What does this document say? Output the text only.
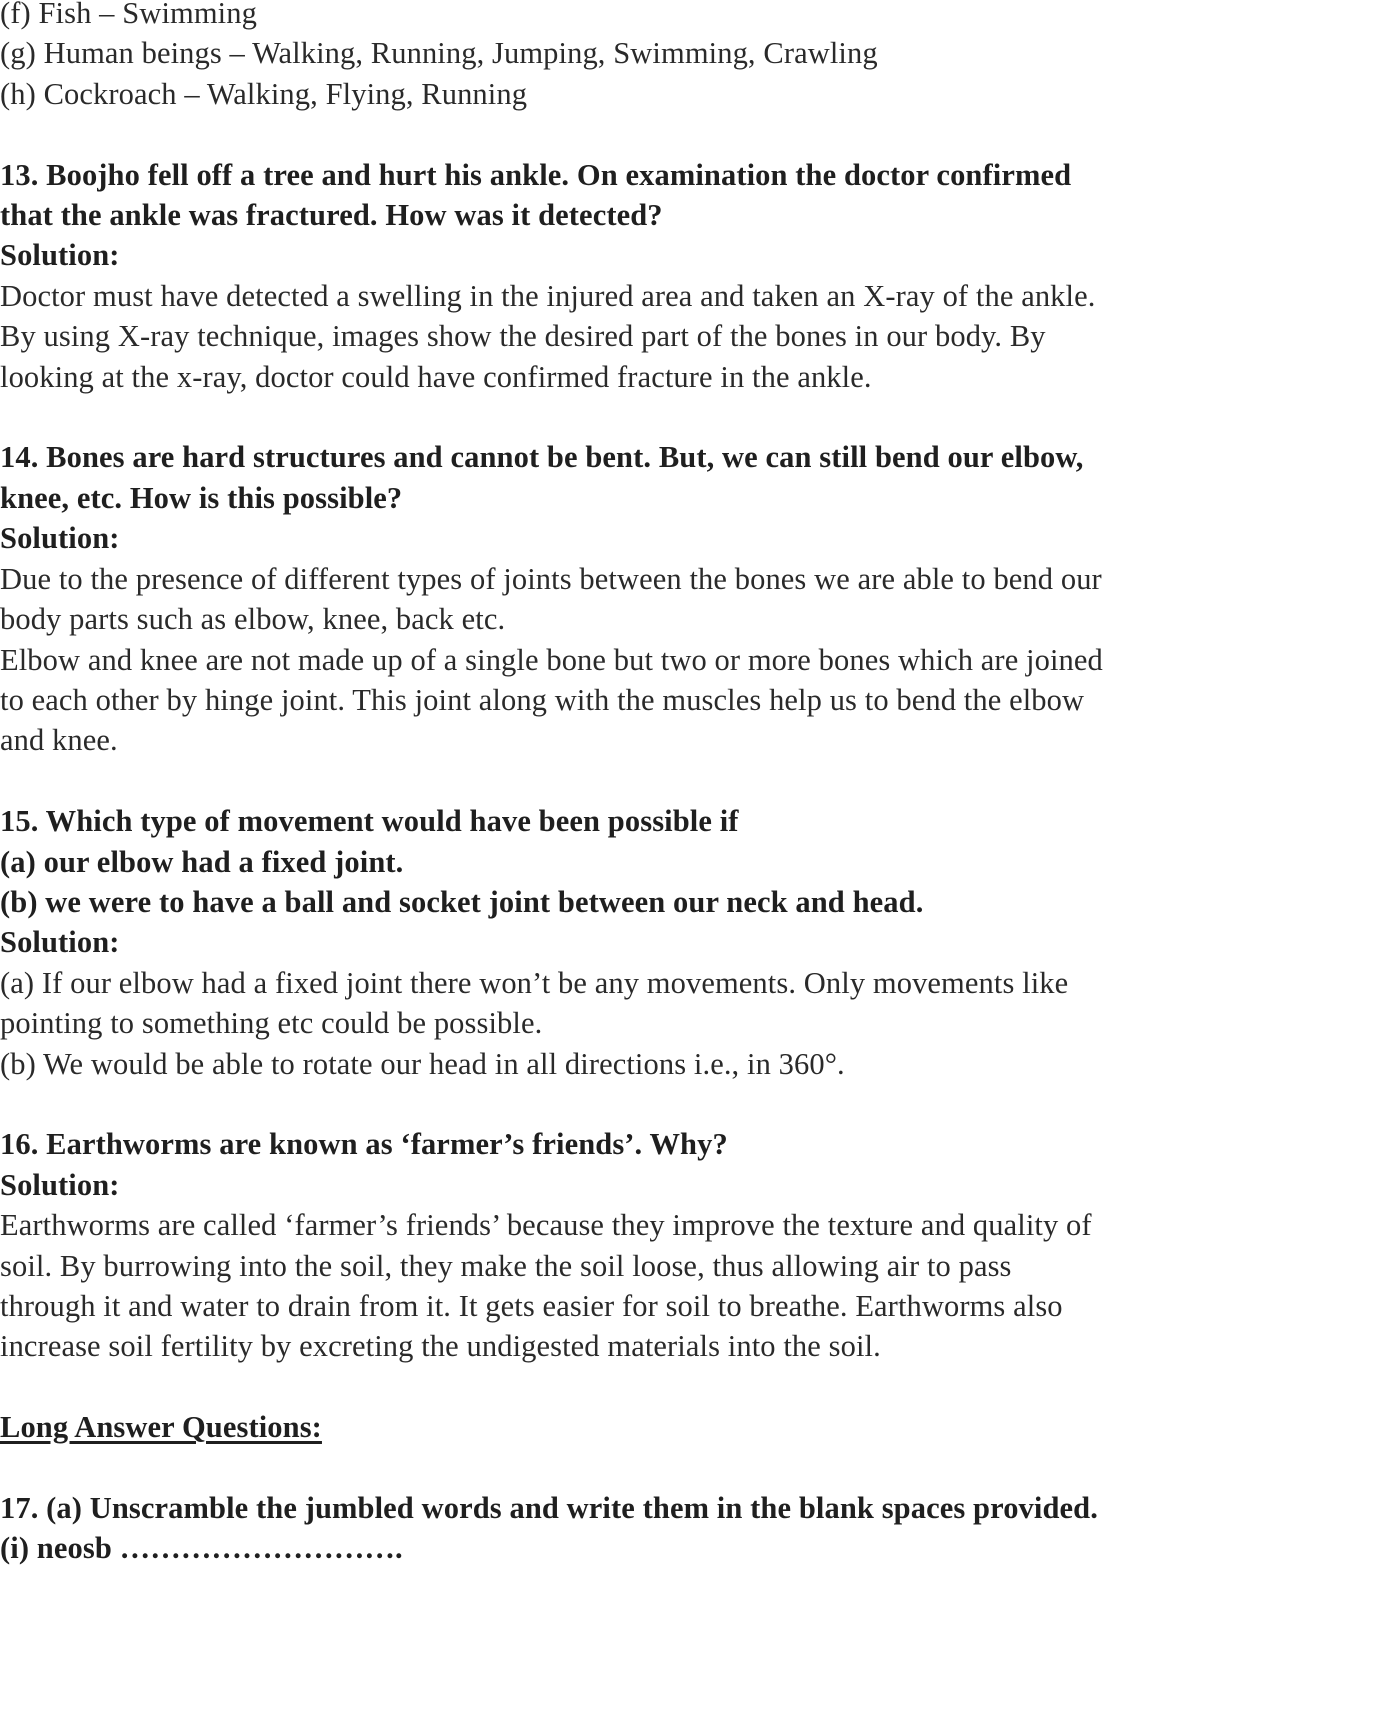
(f) Fish – Swimming
(g) Human beings – Walking, Running, Jumping, Swimming, Crawling
(h) Cockroach – Walking, Flying, Running
13. Boojho fell off a tree and hurt his ankle. On examination the doctor confirmed
that the ankle was fractured. How was it detected?
Solution:
Doctor must have detected a swelling in the injured area and taken an X-ray of the ankle.
By using X-ray technique, images show the desired part of the bones in our body. By
looking at the x-ray, doctor could have confirmed fracture in the ankle.
14. Bones are hard structures and cannot be bent. But, we can still bend our elbow,
knee, etc. How is this possible?
Solution:
Due to the presence of different types of joints between the bones we are able to bend our
body parts such as elbow, knee, back etc.
Elbow and knee are not made up of a single bone but two or more bones which are joined
to each other by hinge joint. This joint along with the muscles help us to bend the elbow
and knee.
15. Which type of movement would have been possible if
(a) our elbow had a fixed joint.
(b) we were to have a ball and socket joint between our neck and head.
Solution:
(a) If our elbow had a fixed joint there won’t be any movements. Only movements like
pointing to something etc could be possible.
(b) We would be able to rotate our head in all directions i.e., in 360°.
16. Earthworms are known as ‘farmer’s friends’. Why?
Solution:
Earthworms are called ‘farmer’s friends’ because they improve the texture and quality of
soil. By burrowing into the soil, they make the soil loose, thus allowing air to pass
through it and water to drain from it. It gets easier for soil to breathe. Earthworms also
increase soil fertility by excreting the undigested materials into the soil.
Long Answer Questions:
17. (a) Unscramble the jumbled words and write them in the blank spaces provided.
(i) neosb ……………………….
